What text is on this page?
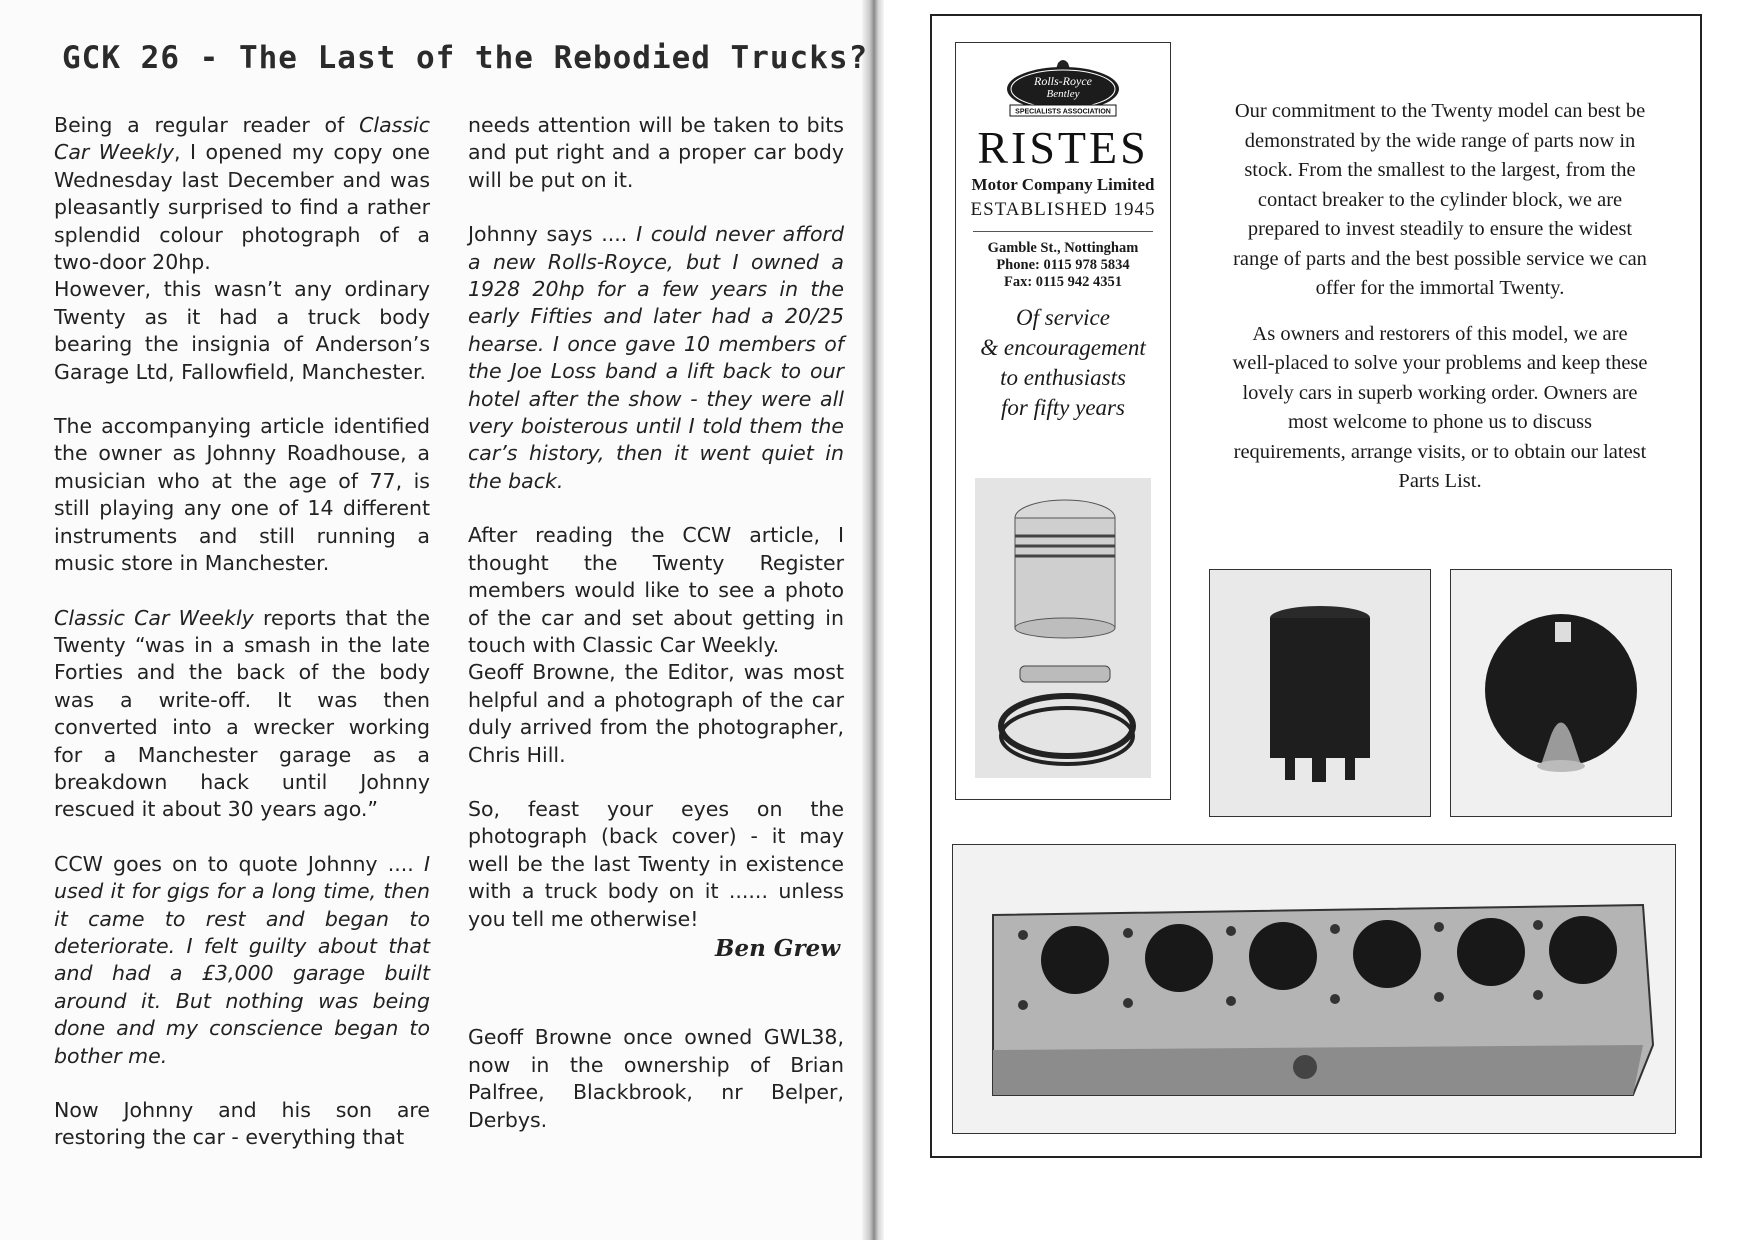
GCK 26 - The Last of the Rebodied Trucks?

Being a regular reader of Classic Car Weekly, I opened my copy one Wednesday last December and was pleasantly surprised to find a rather splendid colour photograph of a two-door 20hp.

However, this wasn’t any ordinary Twenty as it had a truck body bearing the insignia of Anderson’s Garage Ltd, Fallowfield, Manchester.

The accompanying article identified the owner as Johnny Roadhouse, a musician who at the age of 77, is still playing any one of 14 different instruments and still running a music store in Manchester.

Classic Car Weekly reports that the Twenty “was in a smash in the late Forties and the back of the body was a write-off. It was then converted into a wrecker working for a Manchester garage as a breakdown hack until Johnny rescued it about 30 years ago.”

CCW goes on to quote Johnny .... I used it for gigs for a long time, then it came to rest and began to deteriorate. I felt guilty about that and had a £3,000 garage built around it. But nothing was being done and my conscience began to bother me.

Now Johnny and his son are restoring the car - everything that

needs attention will be taken to bits and put right and a proper car body will be put on it.

Johnny says .... I could never afford a new Rolls-Royce, but I owned a 1928 20hp for a few years in the early Fifties and later had a 20/25 hearse. I once gave 10 members of the Joe Loss band a lift back to our hotel after the show - they were all very boisterous until I told them the car’s history, then it went quiet in the back.

After reading the CCW article, I thought the Twenty Register members would like to see a photo of the car and set about getting in touch with Classic Car Weekly.

Geoff Browne, the Editor, was most helpful and a photograph of the car duly arrived from the photographer, Chris Hill.

So, feast your eyes on the photograph (back cover) - it may well be the last Twenty in existence with a truck body on it ...... unless you tell me otherwise!

Ben Grew

Geoff Browne once owned GWL38, now in the ownership of Brian Palfree, Blackbrook, nr Belper, Derbys.

Rolls-Royce
Bentley
SPECIALISTS ASSOCIATION
RISTES
Motor Company Limited
ESTABLISHED 1945
Gamble St., Nottingham
Phone: 0115 978 5834
Fax: 0115 942 4351
Of service
& encouragement
to enthusiasts
for fifty years

Our commitment to the Twenty model can best be demonstrated by the wide range of parts now in stock. From the smallest to the largest, from the contact breaker to the cylinder block, we are prepared to invest steadily to ensure the widest range of parts and the best possible service we can offer for the immortal Twenty.

As owners and restorers of this model, we are well-placed to solve your problems and keep these lovely cars in superb working order. Owners are most welcome to phone us to discuss requirements, arrange visits, or to obtain our latest Parts List.
